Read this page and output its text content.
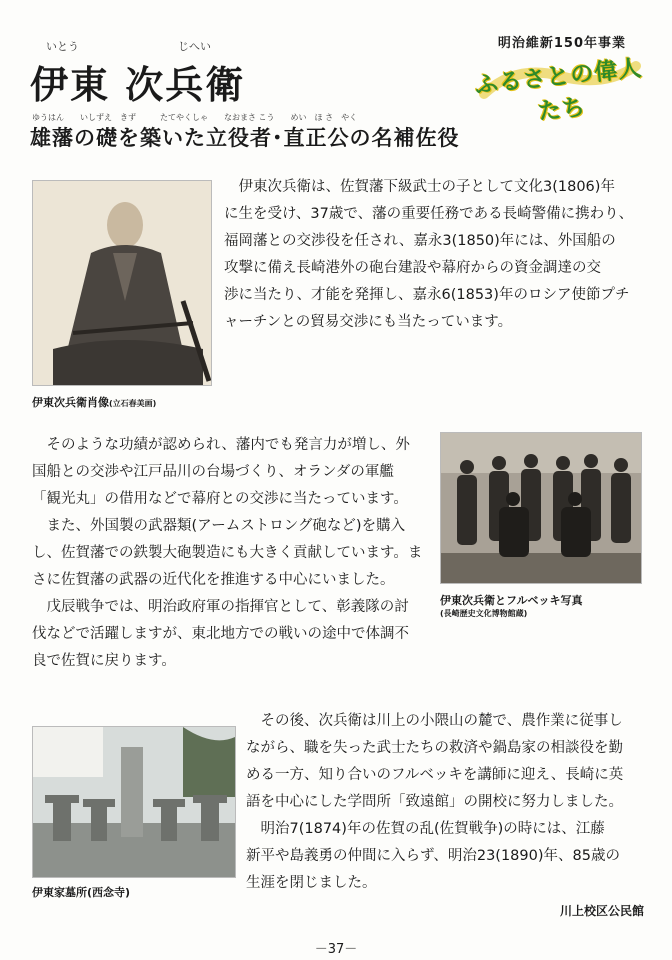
明治維新150年事業
ふるさとの偉人たち
いとう	じへい
伊東 次兵衛
ゆうはん　　いしずえ　きず　　　たてやくしゃ　　なおまさ こう　　めい　ほ さ　やく
雄藩の礎を築いた立役者･直正公の名補佐役
伊東次兵衛肖像(立石春美画)

　伊東次兵衛は、佐賀藩下級武士の子として文化3(1806)年

に生を受け、37歳で、藩の重要任務である長崎警備に携わり、

福岡藩との交渉役を任され、嘉永3(1850)年には、外国船の

攻撃に備え長崎港外の砲台建設や幕府からの資金調達の交

渉に当たり、才能を発揮し、嘉永6(1853)年のロシア使節プチ

ャーチンとの貿易交渉にも当たっています。

伊東次兵衛とフルベッキ写真
(長崎歴史文化博物館蔵)

　そのような功績が認められ、藩内でも発言力が増し、外

国船との交渉や江戸品川の台場づくり、オランダの軍艦

「観光丸」の借用などで幕府との交渉に当たっています。

　また、外国製の武器類(アームストロング砲など)を購入

し、佐賀藩での鉄製大砲製造にも大きく貢献しています。ま

さに佐賀藩の武器の近代化を推進する中心にいました。

　戊辰戦争では、明治政府軍の指揮官として、彰義隊の討

伐などで活躍しますが、東北地方での戦いの途中で体調不

良で佐賀に戻ります。

伊東家墓所(西念寺)

　その後、次兵衛は川上の小隈山の麓で、農作業に従事し

ながら、職を失った武士たちの救済や鍋島家の相談役を勤

める一方、知り合いのフルベッキを講師に迎え、長崎に英

語を中心にした学問所「致遠館」の開校に努力しました。

　明治7(1874)年の佐賀の乱(佐賀戦争)の時には、江藤

新平や島義勇の仲間に入らず、明治23(1890)年、85歳の

生涯を閉じました。

川上校区公民館
－37－
